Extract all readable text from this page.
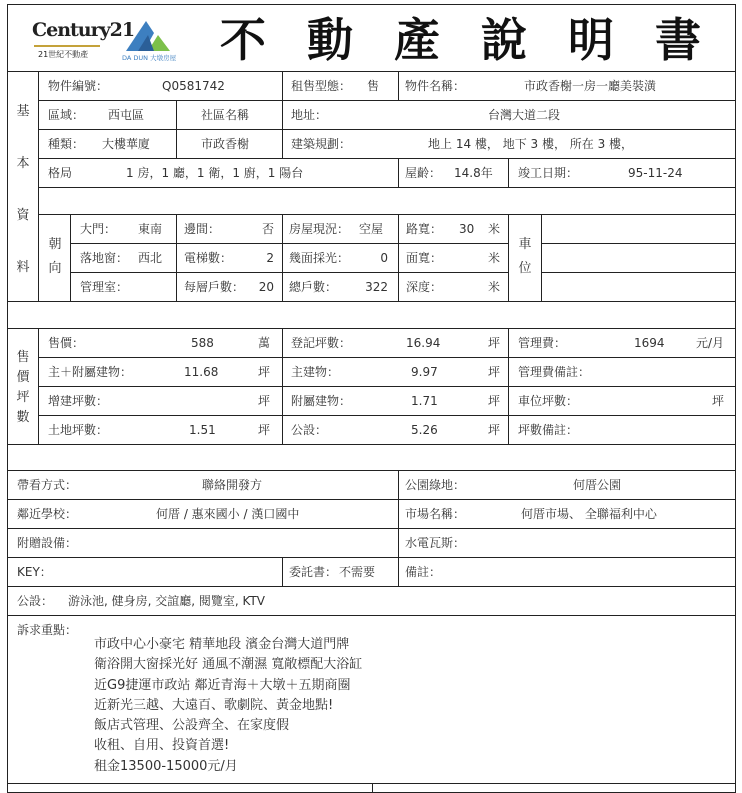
Century21
21世紀不動產	DA DUN 大墩房屋 不 動 產 說 明 書
基
本
資
料
物件編號：	Q0581742	租售型態： 售 物件名稱：	市政香榭一房一廳美裝潢
區域： 西屯區	社區名稱	地址：	台灣大道二段
種類： 大樓華廈	市政香榭	建築規劃：	地上 14 樓， 地下 3 樓， 所在 3 樓，
格局	1 房，1 廳，1 衛，1 廚，1 陽台	屋齡： 14.8年 竣工日期：	95-11-24
朝
向
大門： 東南 邊間：	否 房屋現況： 空屋 路寬： 30 米
落地窗： 西北 電梯數：	2 幾面採光：	0 面寬：	米
管理室：	每層戶數：	20 總戶數：	322 深度：	米
車
位
售
價
坪
數
售價：	588	萬 登記坪數：	16.94	坪 管理費：	1694	元/月
主＋附屬建物：	11.68	坪 主建物：	9.97	坪 管理費備註：
增建坪數：	坪 附屬建物：	1.71	坪 車位坪數：	坪
土地坪數：	1.51	坪 公設：	5.26	坪 坪數備註：
帶看方式：	聯絡開發方	公園綠地：	何厝公園
鄰近學校：	何厝 / 惠來國小 / 漢口國中	市場名稱：	何厝市場、 全聯福利中心
附贈設備：	水電瓦斯：
KEY：	委託書： 不需要 備註：
公設： 游泳池, 健身房, 交誼廳, 閱覽室, KTV
訴求重點：
市政中心小豪宅 精華地段 濱金台灣大道門牌
衛浴開大窗採光好 通風不潮濕 寬敞標配大浴缸
近G9捷運市政站 鄰近青海＋大墩＋五期商圈
近新光三越、大遠百、歌劇院、黃金地點!
飯店式管理、公設齊全、在家度假
收租、自用、投資首選!
租金13500-15000元/月
